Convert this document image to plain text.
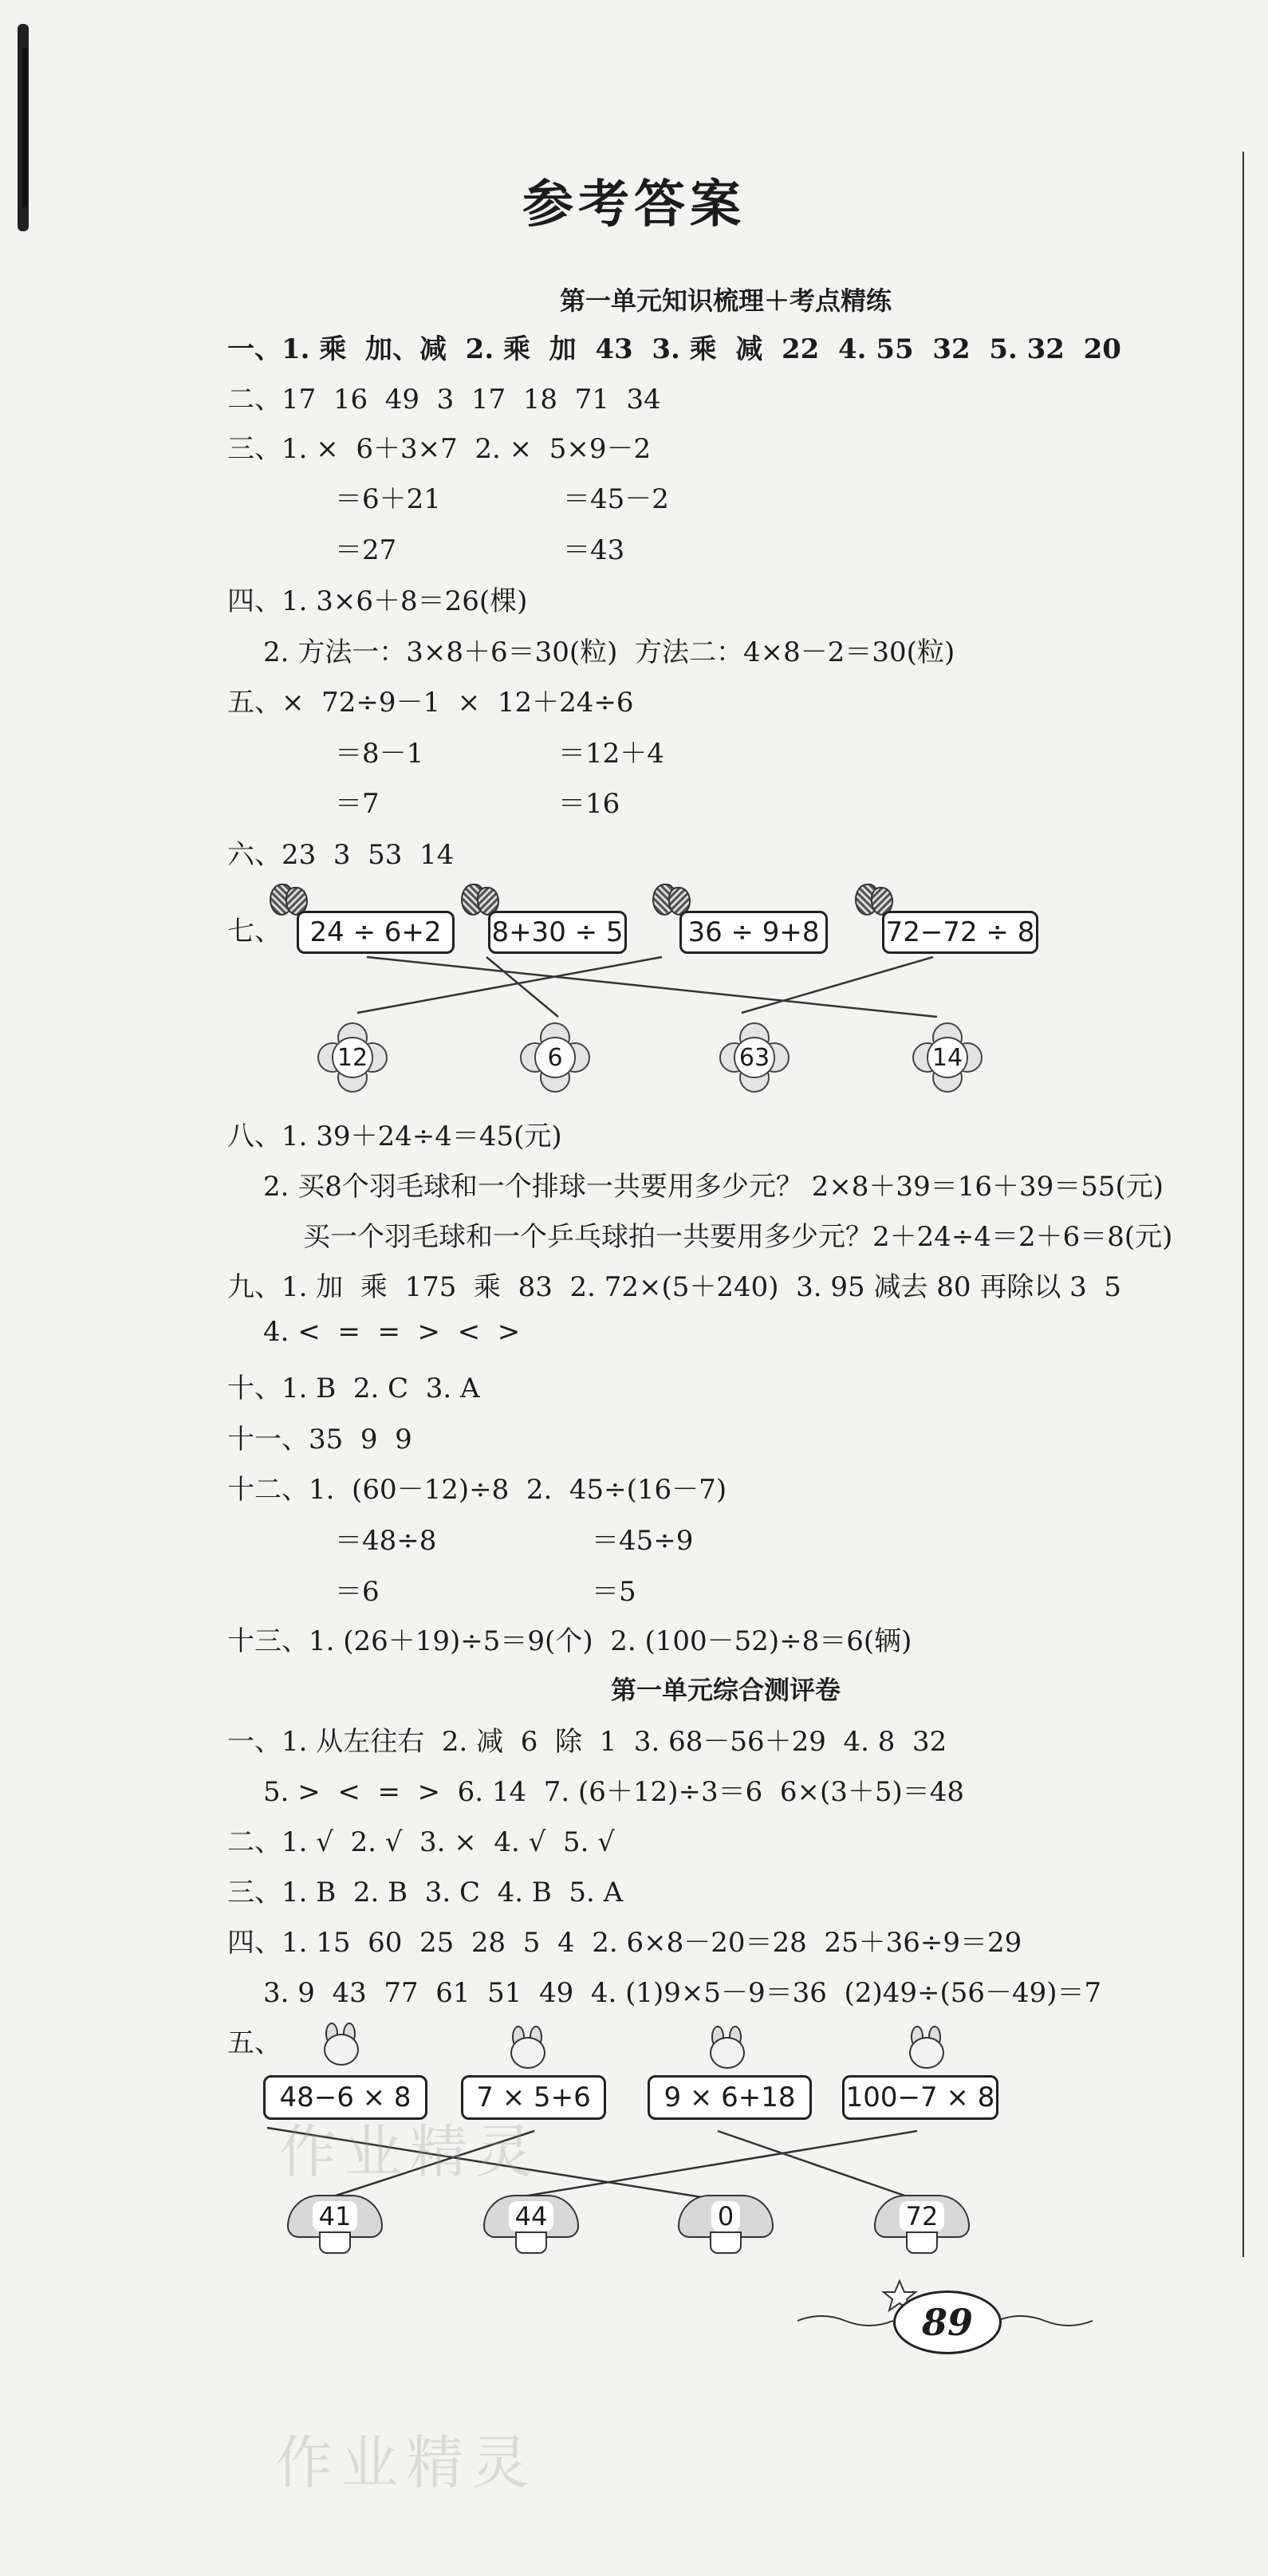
参考答案
第一单元知识梳理＋考点精练
一、1. 乘  加、减  2. 乘  加  43  3. 乘  减  22  4. 55  32  5. 32  20
二、17  16  49  3  17  18  71  34
三、1. ×  6＋3×7  2. ×  5×9－2
＝6＋21	＝45－2
＝27	＝43
四、1. 3×6＋8＝26(棵)
2. 方法一：3×8＋6＝30(粒)  方法二：4×8－2＝30(粒)
五、×  72÷9－1  ×  12＋24÷6
＝8－1	＝12＋4
＝7	＝16
六、23  3  53  14
七、	24 ÷ 6+2	8+30 ÷ 5	36 ÷ 9+8	72−72 ÷ 8
12	6	63	14
八、1. 39＋24÷4＝45(元)
2. 买8个羽毛球和一个排球一共要用多少元？ 2×8＋39＝16＋39＝55(元)
买一个羽毛球和一个乒乓球拍一共要用多少元？2＋24÷4＝2＋6＝8(元)
九、1. 加  乘  175  乘  83  2. 72×(5＋240)  3. 95 减去 80 再除以 3  5
4. <  =  =  >  <  >
十、1. B  2. C  3. A
十一、35  9  9
十二、1.  (60－12)÷8  2.  45÷(16－7)
＝48÷8	＝45÷9
＝6	＝5
十三、1. (26＋19)÷5＝9(个)  2. (100－52)÷8＝6(辆)
第一单元综合测评卷
一、1. 从左往右  2. 减  6  除  1  3. 68－56＋29  4. 8  32
5. >  <  =  >  6. 14  7. (6＋12)÷3＝6  6×(3＋5)＝48
二、1. √  2. √  3. ×  4. √  5. √
三、1. B  2. B  3. C  4. B  5. A
四、1. 15  60  25  28  5  4  2. 6×8－20＝28  25＋36÷9＝29
3. 9  43  77  61  51  49  4. (1)9×5－9＝36  (2)49÷(56－49)＝7
五、
48−6 × 8	7 × 5+6	9 × 6+18	100−7 × 8
41	44	0	72
作业精灵
作业精灵
89
